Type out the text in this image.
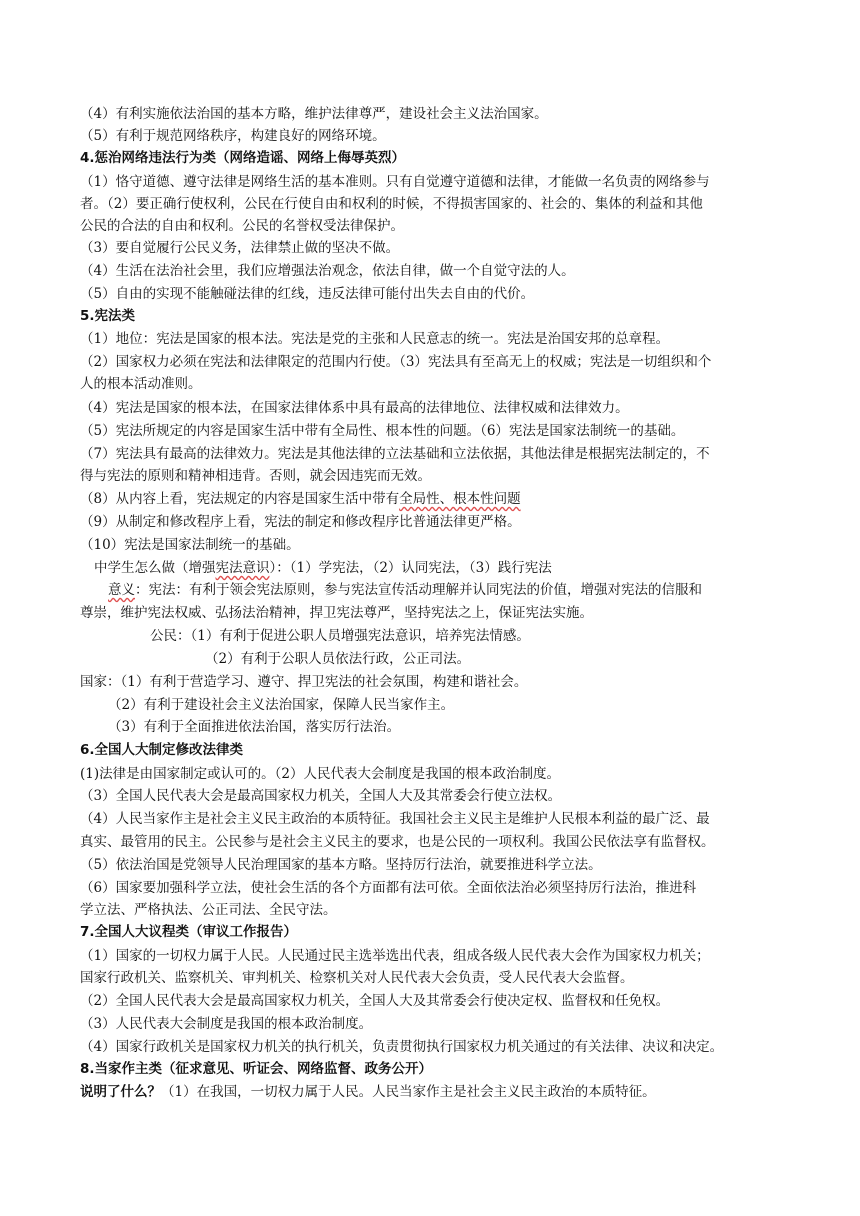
（4）有利实施依法治国的基本方略，维护法律尊严，建设社会主义法治国家。
（5）有利于规范网络秩序，构建良好的网络环境。
4.惩治网络违法行为类（网络造谣、网络上侮辱英烈）
（1）恪守道德、遵守法律是网络生活的基本准则。只有自觉遵守道德和法律，才能做一名负责的网络参与
者。（2）要正确行使权利，公民在行使自由和权利的时候，不得损害国家的、社会的、集体的利益和其他
公民的合法的自由和权利。公民的名誉权受法律保护。
（3）要自觉履行公民义务，法律禁止做的坚决不做。
（4）生活在法治社会里，我们应增强法治观念，依法自律，做一个自觉守法的人。
（5）自由的实现不能触碰法律的红线，违反法律可能付出失去自由的代价。
5.宪法类
（1）地位：宪法是国家的根本法。宪法是党的主张和人民意志的统一。宪法是治国安邦的总章程。
（2）国家权力必须在宪法和法律限定的范围内行使。（3）宪法具有至高无上的权威；宪法是一切组织和个
人的根本活动准则。
（4）宪法是国家的根本法，在国家法律体系中具有最高的法律地位、法律权威和法律效力。
（5）宪法所规定的内容是国家生活中带有全局性、根本性的问题。（6）宪法是国家法制统一的基础。
（7）宪法具有最高的法律效力。宪法是其他法律的立法基础和立法依据，其他法律是根据宪法制定的，不
得与宪法的原则和精神相违背。否则，就会因违宪而无效。
（8）从内容上看，宪法规定的内容是国家生活中带有全局性、根本性问题
（9）从制定和修改程序上看，宪法的制定和修改程序比普通法律更严格。
（10）宪法是国家法制统一的基础。
中学生怎么做（增强宪法意识）：（1）学宪法，（2）认同宪法，（3）践行宪法
意义：宪法：有利于领会宪法原则，参与宪法宣传活动理解并认同宪法的价值，增强对宪法的信服和
尊崇，维护宪法权威、弘扬法治精神，捍卫宪法尊严，坚持宪法之上，保证宪法实施。
公民：（1）有利于促进公职人员增强宪法意识，培养宪法情感。
（2）有利于公职人员依法行政，公正司法。
国家：（1）有利于营造学习、遵守、捍卫宪法的社会氛围，构建和谐社会。
（2）有利于建设社会主义法治国家，保障人民当家作主。
（3）有利于全面推进依法治国，落实厉行法治。
6.全国人大制定修改法律类
(1)法律是由国家制定或认可的。（2）人民代表大会制度是我国的根本政治制度。
（3）全国人民代表大会是最高国家权力机关，全国人大及其常委会行使立法权。
（4）人民当家作主是社会主义民主政治的本质特征。我国社会主义民主是维护人民根本利益的最广泛、最
真实、最管用的民主。公民参与是社会主义民主的要求，也是公民的一项权利。我国公民依法享有监督权。
（5）依法治国是党领导人民治理国家的基本方略。坚持厉行法治，就要推进科学立法。
（6）国家要加强科学立法，使社会生活的各个方面都有法可依。全面依法治必须坚持厉行法治，推进科
学立法、严格执法、公正司法、全民守法。
7.全国人大议程类（审议工作报告）
（1）国家的一切权力属于人民。人民通过民主选举选出代表，组成各级人民代表大会作为国家权力机关；
国家行政机关、监察机关、审判机关、检察机关对人民代表大会负责，受人民代表大会监督。
（2）全国人民代表大会是最高国家权力机关，全国人大及其常委会行使决定权、监督权和任免权。
（3）人民代表大会制度是我国的根本政治制度。
（4）国家行政机关是国家权力机关的执行机关，负责贯彻执行国家权力机关通过的有关法律、决议和决定。
8.当家作主类（征求意见、听证会、网络监督、政务公开）
说明了什么？（1）在我国，一切权力属于人民。人民当家作主是社会主义民主政治的本质特征。
